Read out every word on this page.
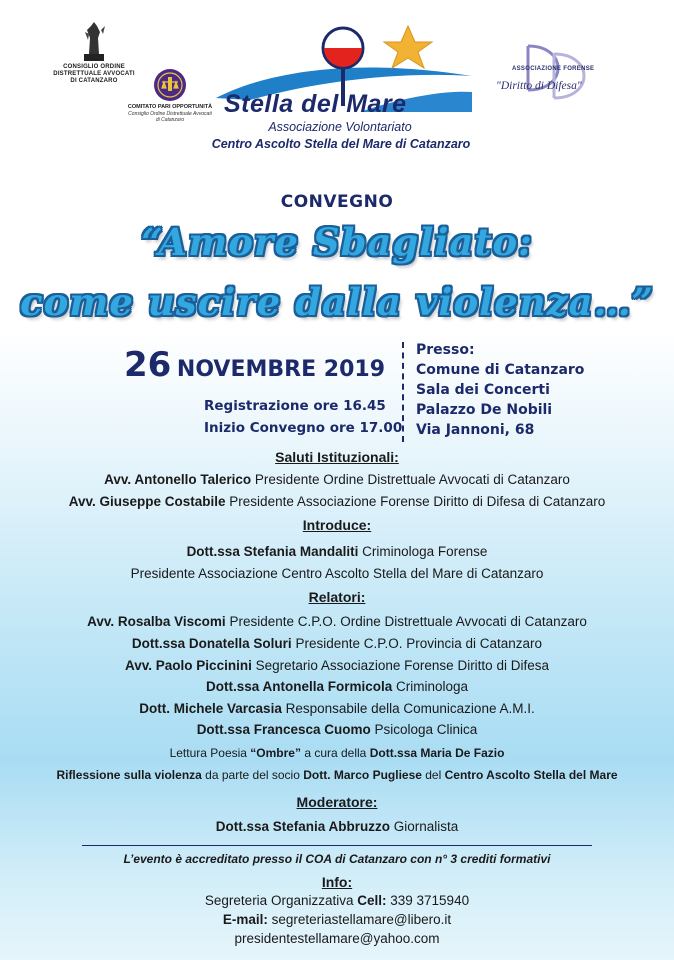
CONSIGLIO ORDINE
DISTRETTUALE AVVOCATI
DI CATANZARO
COMITATO PARI OPPORTUNITÀ
Consiglio Ordine Distrettuale Avvocati
di Catanzaro
Stella del Mare
Associazione Volontariato
Centro Ascolto Stella del Mare di Catanzaro
ASSOCIAZIONE FORENSE
"Diritto di Difesa"
CONVEGNO
“Amore Sbagliato:
come uscire dalla violenza…”
26 NOVEMBRE 2019
Registrazione ore 16.45
Inizio Convegno ore 17.00
Presso:
Comune di Catanzaro
Sala dei Concerti
Palazzo De Nobili
Via Jannoni, 68
Saluti Istituzionali:
Avv. Antonello Talerico Presidente Ordine Distrettuale Avvocati di Catanzaro
Avv. Giuseppe Costabile Presidente Associazione Forense Diritto di Difesa di Catanzaro
Introduce:
Dott.ssa Stefania Mandaliti Criminologa Forense
Presidente Associazione Centro Ascolto Stella del Mare di Catanzaro
Relatori:
Avv. Rosalba Viscomi Presidente C.P.O. Ordine Distrettuale Avvocati di Catanzaro
Dott.ssa Donatella Soluri Presidente C.P.O. Provincia di Catanzaro
Avv. Paolo Piccinini Segretario Associazione Forense Diritto di Difesa
Dott.ssa Antonella Formicola Criminologa
Dott. Michele Varcasia Responsabile della Comunicazione A.M.I.
Dott.ssa Francesca Cuomo Psicologa Clinica
Lettura Poesia “Ombre” a cura della Dott.ssa Maria De Fazio
Riflessione sulla violenza da parte del socio Dott. Marco Pugliese del Centro Ascolto Stella del Mare
Moderatore:
Dott.ssa Stefania Abbruzzo Giornalista
L’evento è accreditato presso il COA di Catanzaro con n° 3 crediti formativi
Info:
Segreteria Organizzativa Cell: 339 3715940
E-mail: segreteriastellamare@libero.it
presidentestellamare@yahoo.com
